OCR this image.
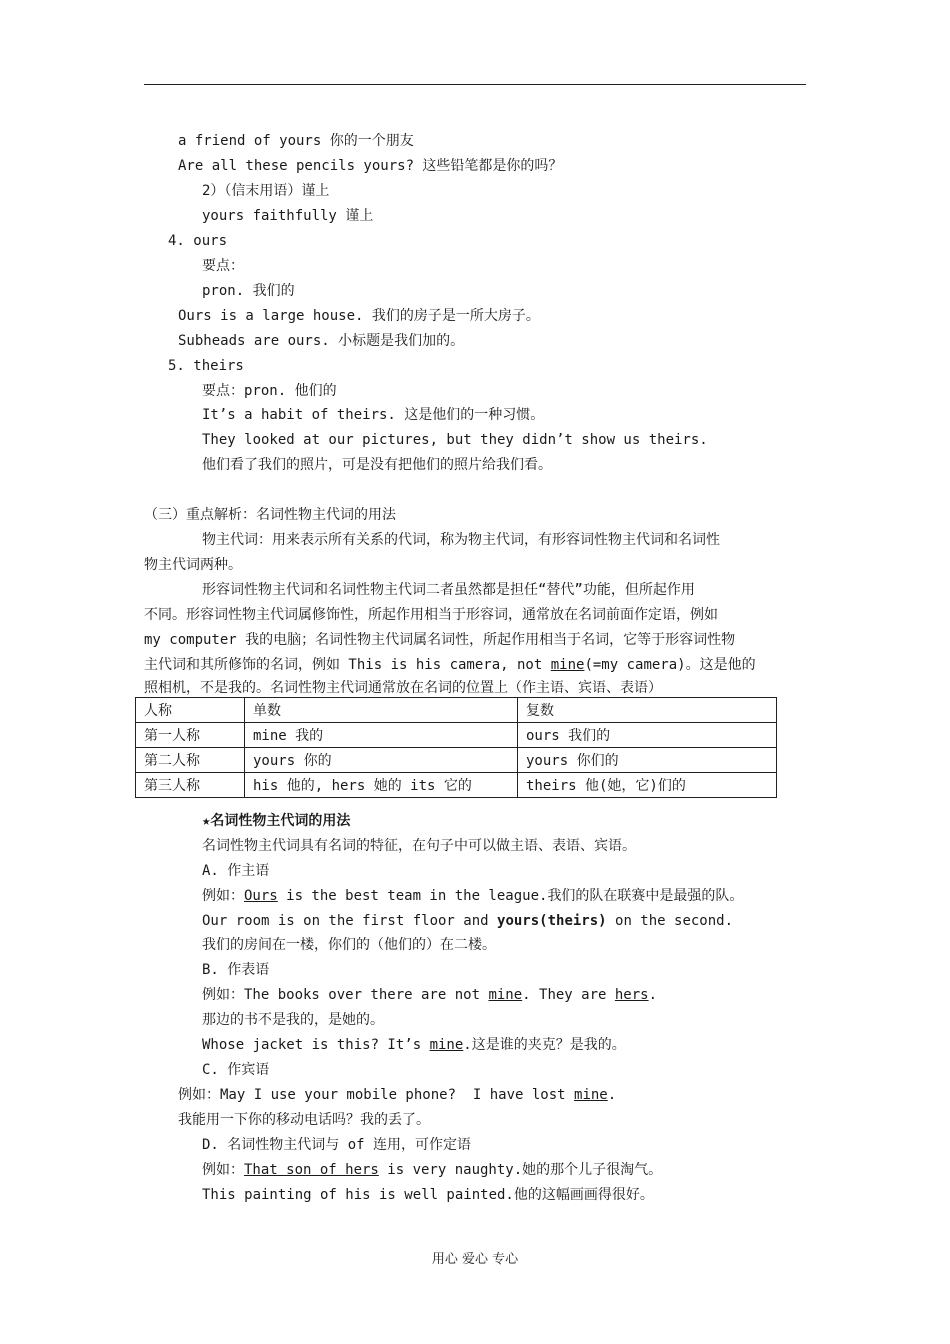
a friend of yours 你的一个朋友
Are all these pencils yours? 这些铅笔都是你的吗？
2）（信末用语）谨上
yours faithfully 谨上
4. ours
要点：
pron. 我们的
Ours is a large house. 我们的房子是一所大房子。
Subheads are ours. 小标题是我们加的。
5. theirs
要点：pron. 他们的
It’s a habit of theirs. 这是他们的一种习惯。
They looked at our pictures, but they didn’t show us theirs.
他们看了我们的照片，可是没有把他们的照片给我们看。
（三）重点解析：名词性物主代词的用法
物主代词：用来表示所有关系的代词，称为物主代词，有形容词性物主代词和名词性
物主代词两种。
形容词性物主代词和名词性物主代词二者虽然都是担任“替代”功能，但所起作用
不同。形容词性物主代词属修饰性，所起作用相当于形容词，通常放在名词前面作定语，例如
my computer 我的电脑；名词性物主代词属名词性，所起作用相当于名词，它等于形容词性物
主代词和其所修饰的名词，例如 This is his camera, not mine(=my camera)。这是他的
照相机，不是我的。名词性物主代词通常放在名词的位置上（作主语、宾语、表语）
人称	单数	复数
第一人称	mine 我的	ours 我们的
第二人称	yours 你的	yours 你们的
第三人称	his 他的, hers 她的 its 它的	theirs 他(她，它)们的
★名词性物主代词的用法
名词性物主代词具有名词的特征，在句子中可以做主语、表语、宾语。
A. 作主语
例如：Ours is the best team in the league.我们的队在联赛中是最强的队。
Our room is on the first floor and yours(theirs) on the second.
我们的房间在一楼，你们的（他们的）在二楼。
B. 作表语
例如：The books over there are not mine. They are hers.
那边的书不是我的，是她的。
Whose jacket is this? It’s mine.这是谁的夹克？是我的。
C. 作宾语
例如：May I use your mobile phone?  I have lost mine.
我能用一下你的移动电话吗？我的丢了。
D. 名词性物主代词与 of 连用，可作定语
例如：That son of hers is very naughty.她的那个儿子很淘气。
This painting of his is well painted.他的这幅画画得很好。
用心 爱心 专心
